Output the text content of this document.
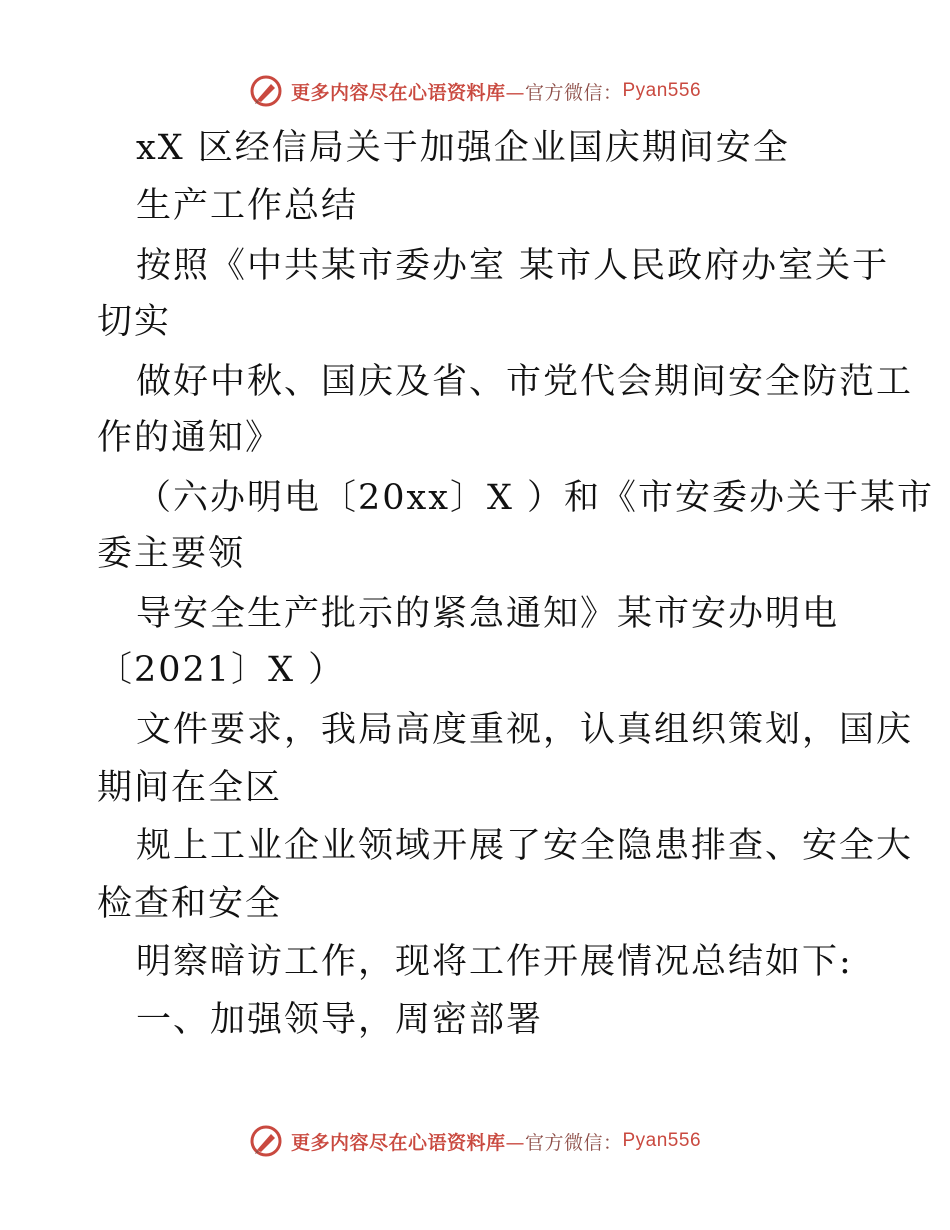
更多内容尽在心语资料库— 官方微信： Pyan556
xX 区经信局关于加强企业国庆期间安全
生产工作总结
按照《中共某市委办室 某市人民政府办室关于
切实
做好中秋、国庆及省、市党代会期间安全防范工
作的通知》
（六办明电〔20xx〕X ）和《市安委办关于某市
委主要领
导安全生产批示的紧急通知》某市安办明电
〔2021〕X ）
文件要求，我局高度重视，认真组织策划，国庆
期间在全区
规上工业企业领域开展了安全隐患排查、安全大
检查和安全
明察暗访工作，现将工作开展情况总结如下:
一、加强领导，周密部署
更多内容尽在心语资料库— 官方微信： Pyan556
